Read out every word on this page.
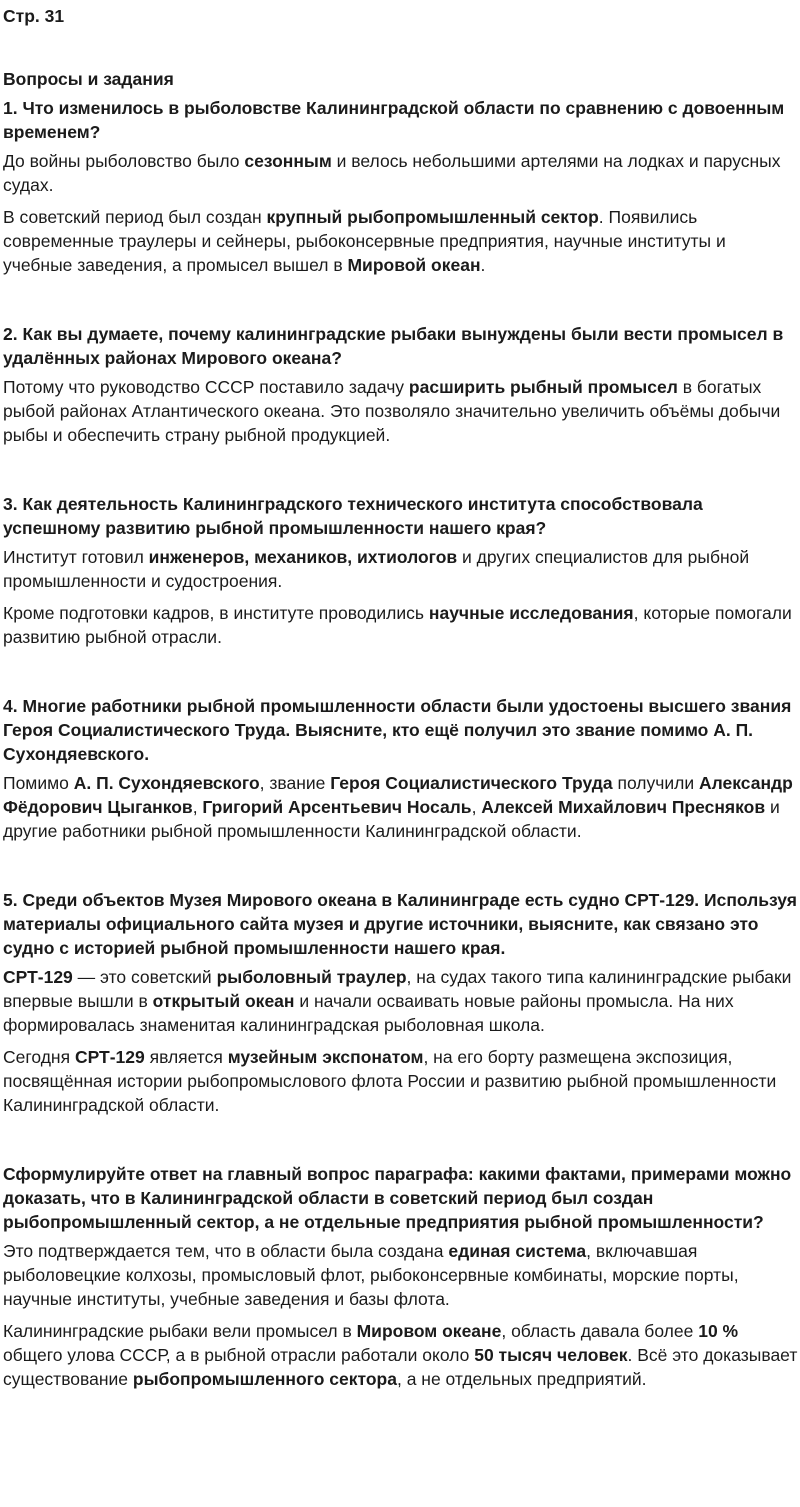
Стр. 31
Вопросы и задания
1. Что изменилось в рыболовстве Калининградской области по сравнению с довоенным временем?
До войны рыболовство было сезонным и велось небольшими артелями на лодках и парусных судах.
В советский период был создан крупный рыбопромышленный сектор. Появились современные траулеры и сейнеры, рыбоконсервные предприятия, научные институты и учебные заведения, а промысел вышел в Мировой океан.
2. Как вы думаете, почему калининградские рыбаки вынуждены были вести промысел в удалённых районах Мирового океана?
Потому что руководство СССР поставило задачу расширить рыбный промысел в богатых рыбой районах Атлантического океана. Это позволяло значительно увеличить объёмы добычи рыбы и обеспечить страну рыбной продукцией.
3. Как деятельность Калининградского технического института способствовала успешному развитию рыбной промышленности нашего края?
Институт готовил инженеров, механиков, ихтиологов и других специалистов для рыбной промышленности и судостроения.
Кроме подготовки кадров, в институте проводились научные исследования, которые помогали развитию рыбной отрасли.
4. Многие работники рыбной промышленности области были удостоены высшего звания Героя Социалистического Труда. Выясните, кто ещё получил это звание помимо А. П. Сухондяевского.
Помимо А. П. Сухондяевского, звание Героя Социалистического Труда получили Александр Фёдорович Цыганков, Григорий Арсентьевич Носаль, Алексей Михайлович Пресняков и другие работники рыбной промышленности Калининградской области.
5. Среди объектов Музея Мирового океана в Калининграде есть судно СРТ-129. Используя материалы официального сайта музея и другие источники, выясните, как связано это судно с историей рыбной промышленности нашего края.
СРТ-129 — это советский рыболовный траулер, на судах такого типа калининградские рыбаки впервые вышли в открытый океан и начали осваивать новые районы промысла. На них формировалась знаменитая калининградская рыболовная школа.
Сегодня СРТ-129 является музейным экспонатом, на его борту размещена экспозиция, посвящённая истории рыбопромыслового флота России и развитию рыбной промышленности Калининградской области.
Сформулируйте ответ на главный вопрос параграфа: какими фактами, примерами можно доказать, что в Калининградской области в советский период был создан рыбопромышленный сектор, а не отдельные предприятия рыбной промышленности?
Это подтверждается тем, что в области была создана единая система, включавшая рыболовецкие колхозы, промысловый флот, рыбоконсервные комбинаты, морские порты, научные институты, учебные заведения и базы флота.
Калининградские рыбаки вели промысел в Мировом океане, область давала более 10 % общего улова СССР, а в рыбной отрасли работали около 50 тысяч человек. Всё это доказывает существование рыбопромышленного сектора, а не отдельных предприятий.
